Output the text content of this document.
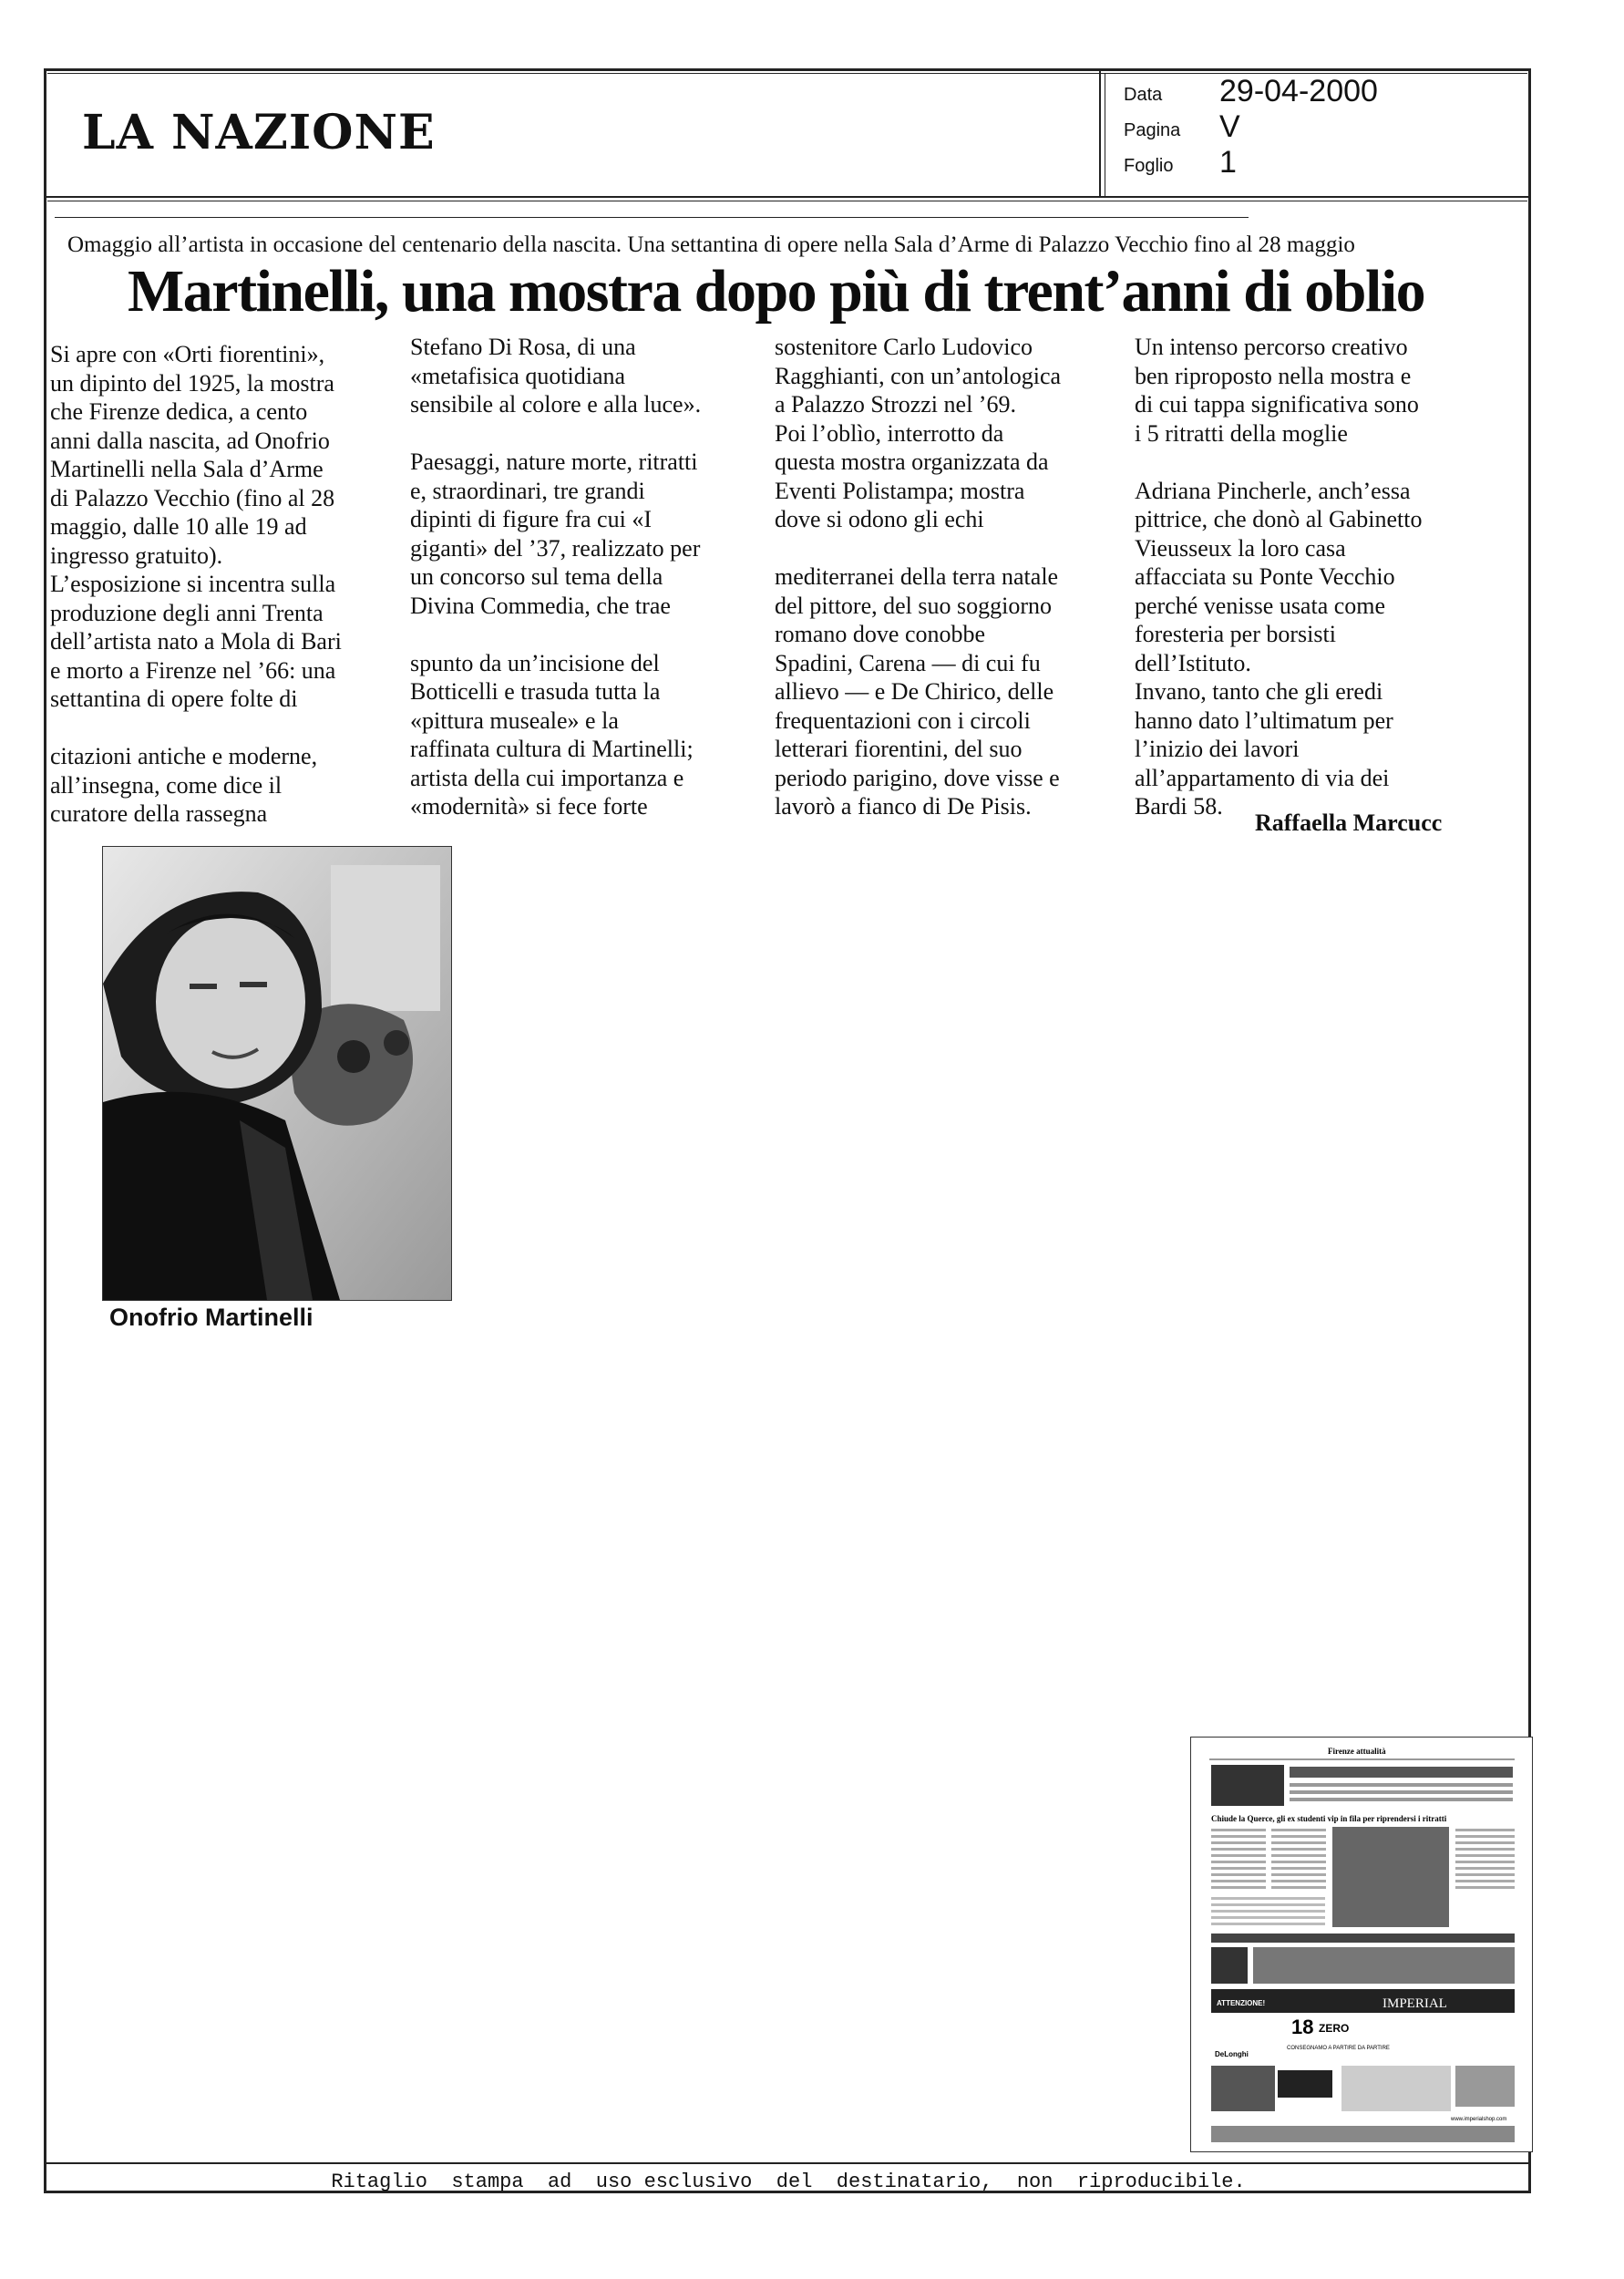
LA NAZIONE
Data 29-04-2000
Pagina V
Foglio 1
Omaggio all’artista in occasione del centenario della nascita. Una settantina di opere nella Sala d’Arme di Palazzo Vecchio fino al 28 maggio
Martinelli, una mostra dopo più di trent’anni di oblio
Si apre con «Orti fiorentini»,
un dipinto del 1925, la mostra
che Firenze dedica, a cento
anni dalla nascita, ad Onofrio
Martinelli nella Sala d’Arme
di Palazzo Vecchio (fino al 28
maggio, dalle 10 alle 19 ad
ingresso gratuito).
L’esposizione si incentra sulla
produzione degli anni Trenta
dell’artista nato a Mola di Bari
e morto a Firenze nel ’66: una
settantina di opere folte di

citazioni antiche e moderne,
all’insegna, come dice il
curatore della rassegna
Stefano Di Rosa, di una
«metafisica quotidiana
sensibile al colore e alla luce».

Paesaggi, nature morte, ritratti
e, straordinari, tre grandi
dipinti di figure fra cui «I
giganti» del ’37, realizzato per
un concorso sul tema della
Divina Commedia, che trae

spunto da un’incisione del
Botticelli e trasuda tutta la
«pittura museale» e la
raffinata cultura di Martinelli;
artista della cui importanza e
«modernità» si fece forte
sostenitore Carlo Ludovico
Ragghianti, con un’antologica
a Palazzo Strozzi nel ’69.
Poi l’oblìo, interrotto da
questa mostra organizzata da
Eventi Polistampa; mostra
dove si odono gli echi

mediterranei della terra natale
del pittore, del suo soggiorno
romano dove conobbe
Spadini, Carena — di cui fu
allievo — e De Chirico, delle
frequentazioni con i circoli
letterari fiorentini, del suo
periodo parigino, dove visse e
lavorò a fianco di De Pisis.
Un intenso percorso creativo
ben riproposto nella mostra e
di cui tappa significativa sono
i 5 ritratti della moglie

Adriana Pincherle, anch’essa
pittrice, che donò al Gabinetto
Vieusseux la loro casa
affacciata su Ponte Vecchio
perché venisse usata come
foresteria per borsisti
dell’Istituto.
Invano, tanto che gli eredi
hanno dato l’ultimatum per
l’inizio dei lavori
all’appartamento di via dei
Bardi 58.
Raffaella Marcucc
Onofrio Martinelli
Firenze attualità
Chiude la Querce, gli ex studenti vip in fila per riprendersi i ritratti
ATTENZIONE!	IMPERIAL
18 ZERO
CONSEGNAMO A PARTIRE DA PARTIRE
DeLonghi
www.imperialshop.com
Ritaglio  stampa  ad  uso esclusivo  del  destinatario,  non  riproducibile.
